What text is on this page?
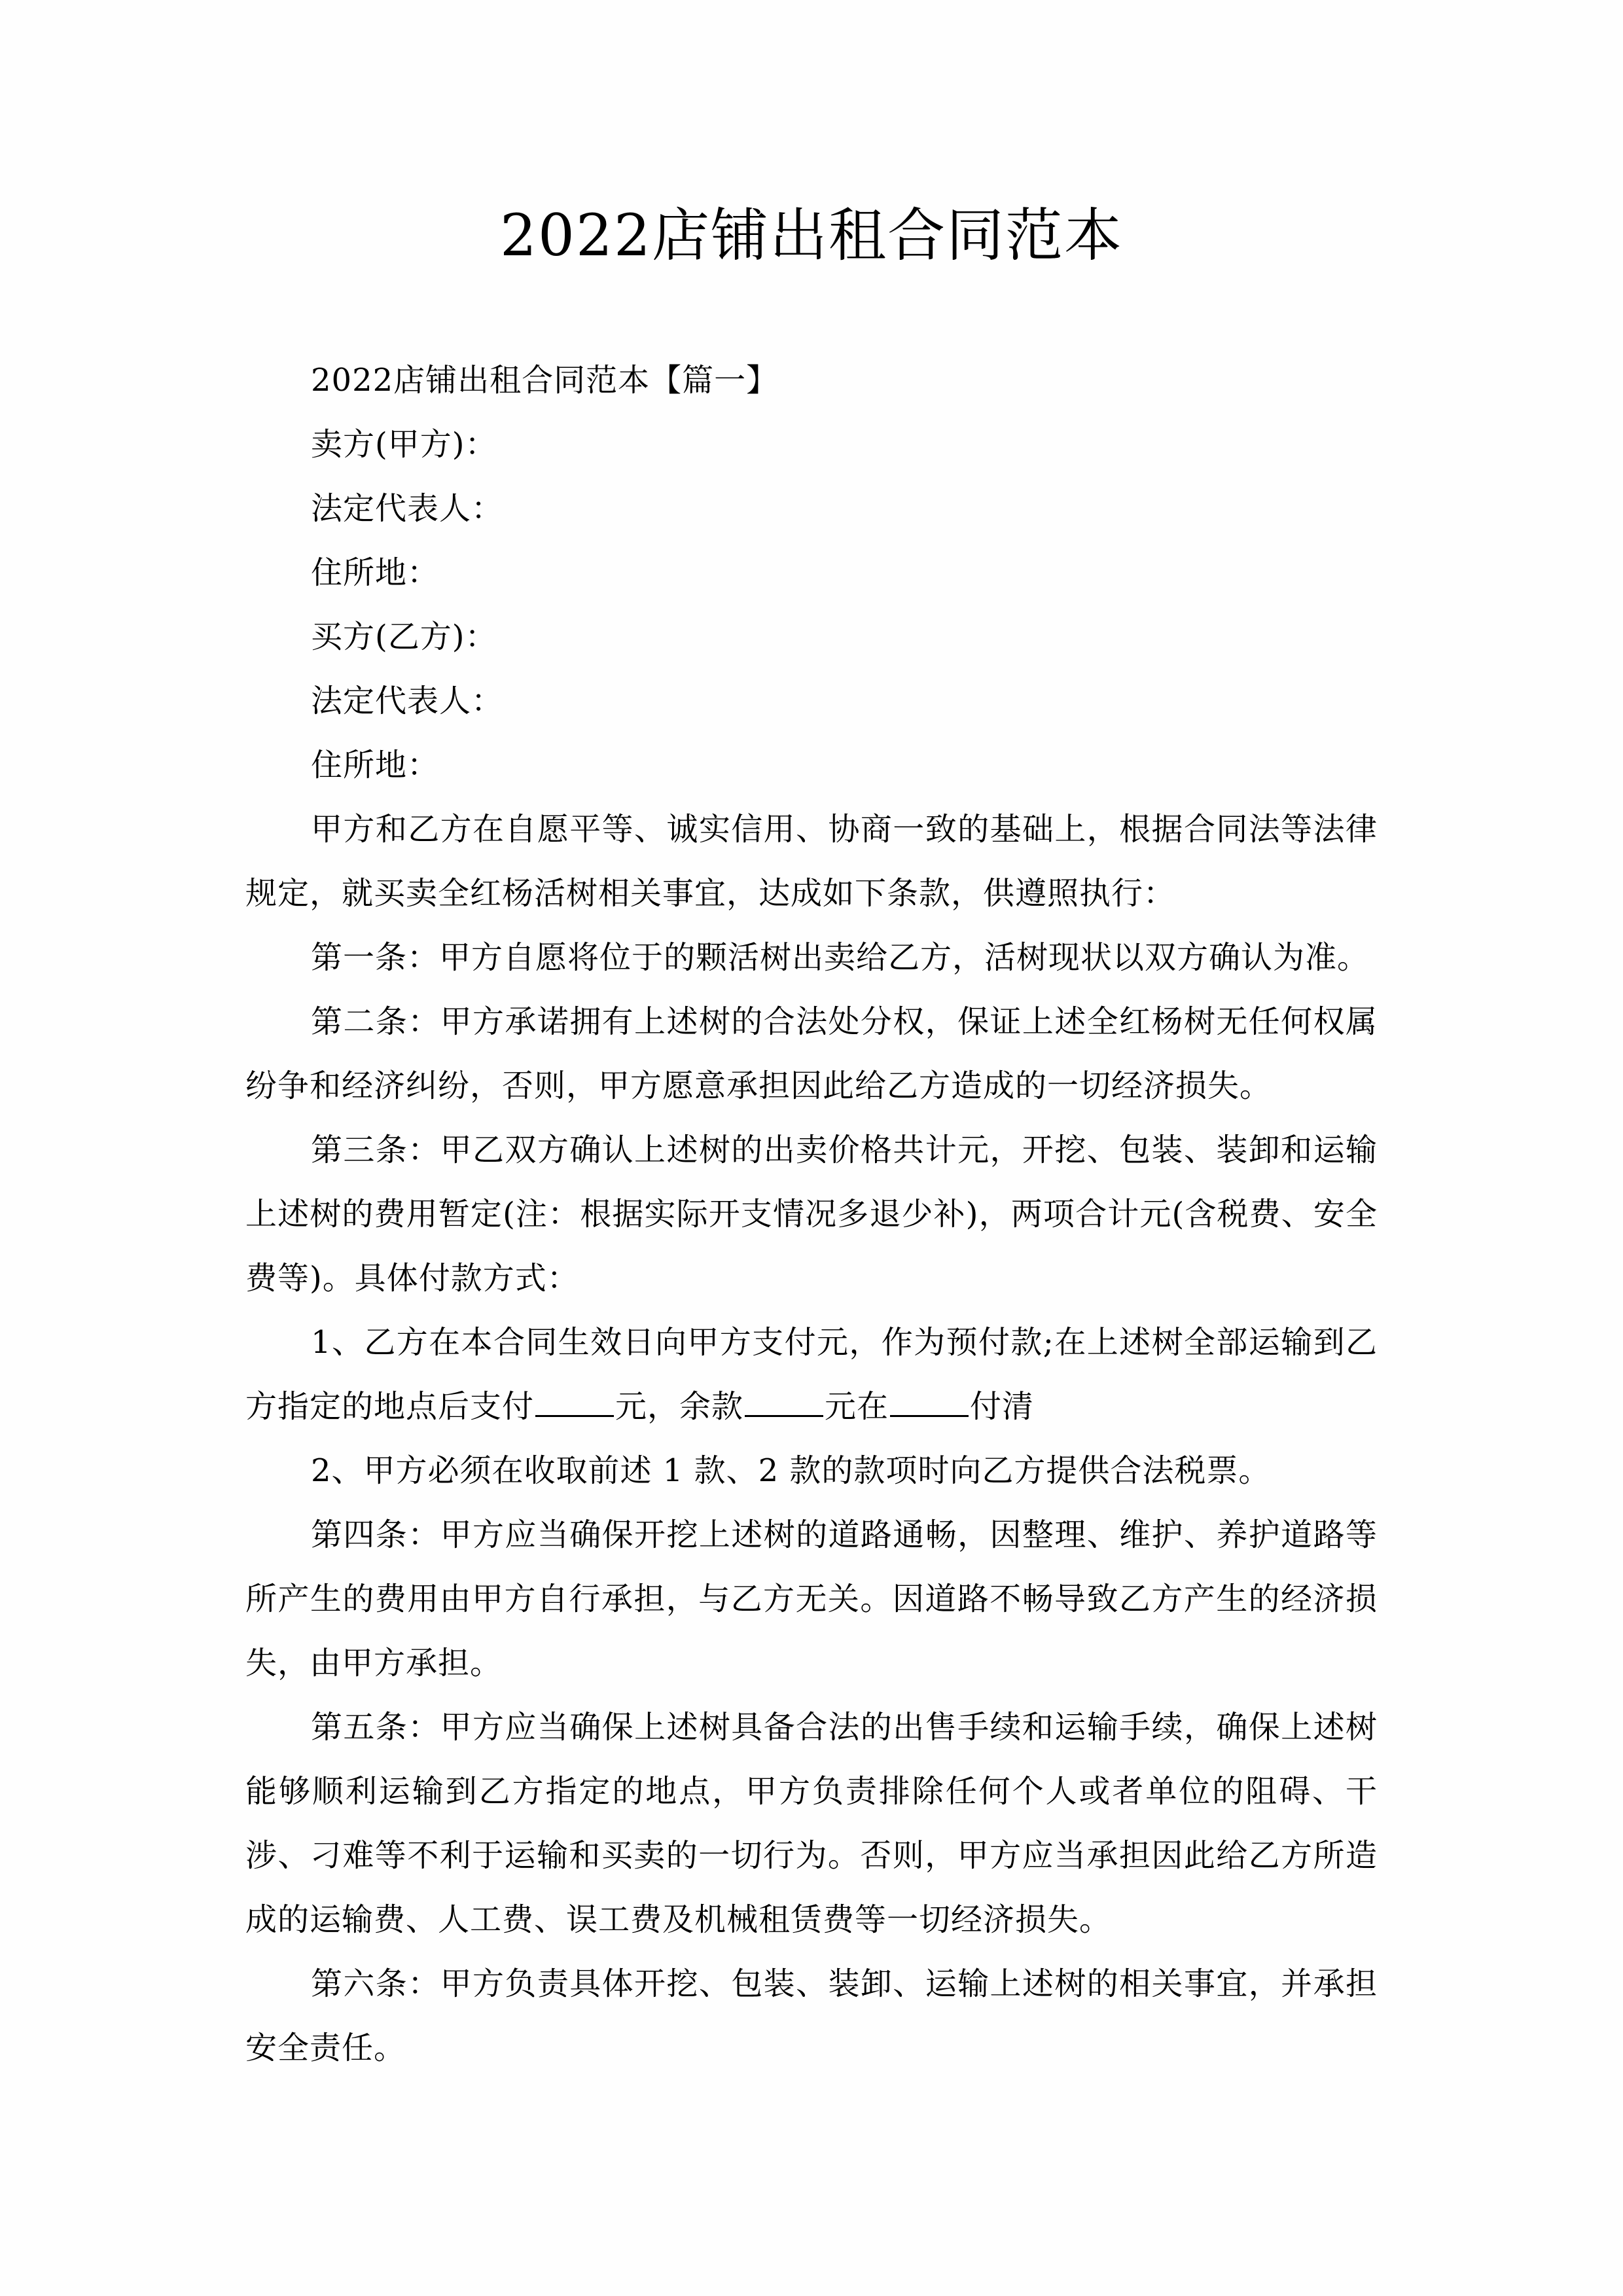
2022店铺出租合同范本

2022店铺出租合同范本【篇一】

卖方(甲方)：

法定代表人：

住所地：

买方(乙方)：

法定代表人：

住所地：

甲方和乙方在自愿平等、诚实信用、协商一致的基础上，根据合同法等法律规定，就买卖全红杨活树相关事宜，达成如下条款，供遵照执行：

第一条：甲方自愿将位于的颗活树出卖给乙方，活树现状以双方确认为准。

第二条：甲方承诺拥有上述树的合法处分权，保证上述全红杨树无任何权属纷争和经济纠纷，否则，甲方愿意承担因此给乙方造成的一切经济损失。

第三条：甲乙双方确认上述树的出卖价格共计元，开挖、包装、装卸和运输上述树的费用暂定(注：根据实际开支情况多退少补)，两项合计元(含税费、安全费等)。具体付款方式：

1、乙方在本合同生效日向甲方支付元，作为预付款;在上述树全部运输到乙方指定的地点后支付	元，余款	元在	付清

2、甲方必须在收取前述 1 款、2 款的款项时向乙方提供合法税票。

第四条：甲方应当确保开挖上述树的道路通畅，因整理、维护、养护道路等所产生的费用由甲方自行承担，与乙方无关。因道路不畅导致乙方产生的经济损失，由甲方承担。

第五条：甲方应当确保上述树具备合法的出售手续和运输手续，确保上述树能够顺利运输到乙方指定的地点，甲方负责排除任何个人或者单位的阻碍、干涉、刁难等不利于运输和买卖的一切行为。否则，甲方应当承担因此给乙方所造成的运输费、人工费、误工费及机械租赁费等一切经济损失。

第六条：甲方负责具体开挖、包装、装卸、运输上述树的相关事宜，并承担安全责任。
